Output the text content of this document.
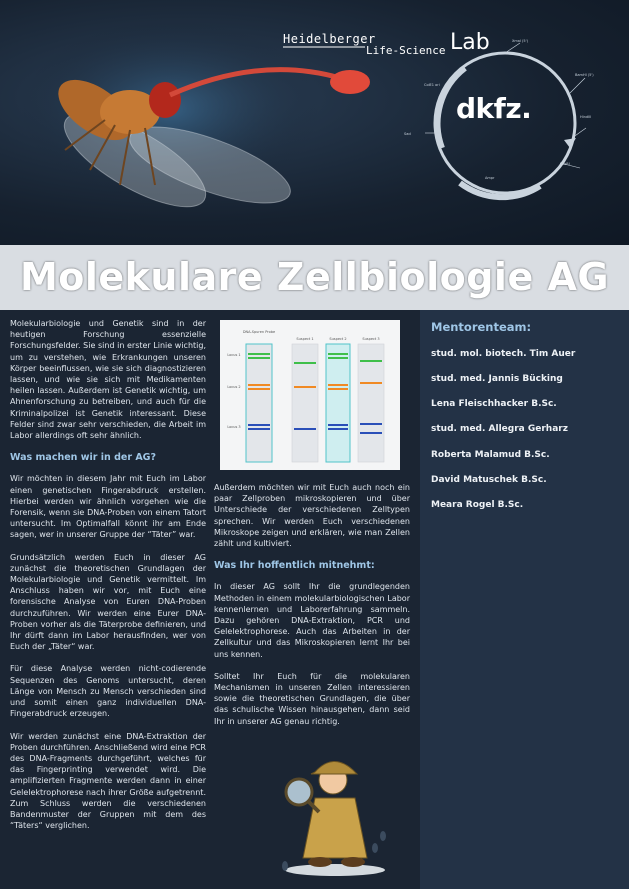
Heidelberger
Life-Science Lab	Xmal (5')
BamHI (5')
Ampr
ColE1 ori
EcoRI
HindIII
SacI
dkfz.
Molekulare Zellbiologie AG

Molekularbiologie und Genetik sind in der heutigen Forschung essenzielle Forschungsfelder. Sie sind in erster Linie wichtig, um zu verstehen, wie Erkrankungen unseren Körper beeinflussen, wie sie sich diagnostizieren lassen, und wie sie sich mit Medikamenten heilen lassen. Außerdem ist Genetik wichtig, um Ahnenforschung zu betreiben, und auch für die Kriminalpolizei ist Genetik interessant. Diese Felder sind zwar sehr verschieden, die Arbeit im Labor allerdings oft sehr ähnlich.

Was machen wir in der AG?

Wir möchten in diesem Jahr mit Euch im Labor einen genetischen Fingerabdruck erstellen. Hierbei werden wir ähnlich vorgehen wie die Forensik, wenn sie DNA-Proben von einem Tatort untersucht. Im Optimalfall könnt ihr am Ende sagen, wer in unserer Gruppe der “Täter” war.

Grundsätzlich werden Euch in dieser AG zunächst die theoretischen Grundlagen der Molekularbiologie und Genetik vermittelt. Im Anschluss haben wir vor, mit Euch eine forensische Analyse von Euren DNA-Proben durchzuführen. Wir werden eine Eurer DNA-Proben vorher als die Täterprobe definieren, und Ihr dürft dann im Labor herausfinden, wer von Euch der „Täter“ war.

Für diese Analyse werden nicht-codierende Sequenzen des Genoms untersucht, deren Länge von Mensch zu Mensch verschieden sind und somit einen ganz individuellen DNA-Fingerabdruck erzeugen.

Wir werden zunächst eine DNA-Extraktion der Proben durchführen. Anschließend wird eine PCR des DNA-Fragments durchgeführt, welches für das Fingerprinting verwendet wird. Die amplifizierten Fragmente werden dann in einer Gelelektrophorese nach ihrer Größe aufgetrennt. Zum Schluss werden die verschiedenen Bandenmuster der Gruppen mit dem des “Täters“ verglichen.

DNA-Spuren Probe
Suspect 1	Suspect 2	Suspect 3
Locus 1
Locus 2
Locus 3

Außerdem möchten wir mit Euch auch noch ein paar Zellproben mikroskopieren und über Unterschiede der verschiedenen Zelltypen sprechen. Wir werden Euch verschiedenen Mikroskope zeigen und erklären, wie man Zellen zählt und kultiviert.

Was Ihr hoffentlich mitnehmt:

In dieser AG sollt Ihr die grundlegenden Methoden in einem molekularbiologischen Labor kennenlernen und Laborerfahrung sammeln. Dazu gehören DNA-Extraktion, PCR und Gelelektrophorese. Auch das Arbeiten in der Zellkultur und das Mikroskopieren lernt Ihr bei uns kennen.

Solltet Ihr Euch für die molekularen Mechanismen in unseren Zellen interessieren sowie die theoretischen Grundlagen, die über das schulische Wissen hinausgehen, dann seid Ihr in unserer AG genau richtig.

Mentorenteam:
stud. mol. biotech. Tim Auer
stud. med. Jannis Bücking
Lena Fleischhacker B.Sc.
stud. med. Allegra Gerharz
Roberta Malamud B.Sc.
David Matuschek B.Sc.
Meara Rogel B.Sc.
